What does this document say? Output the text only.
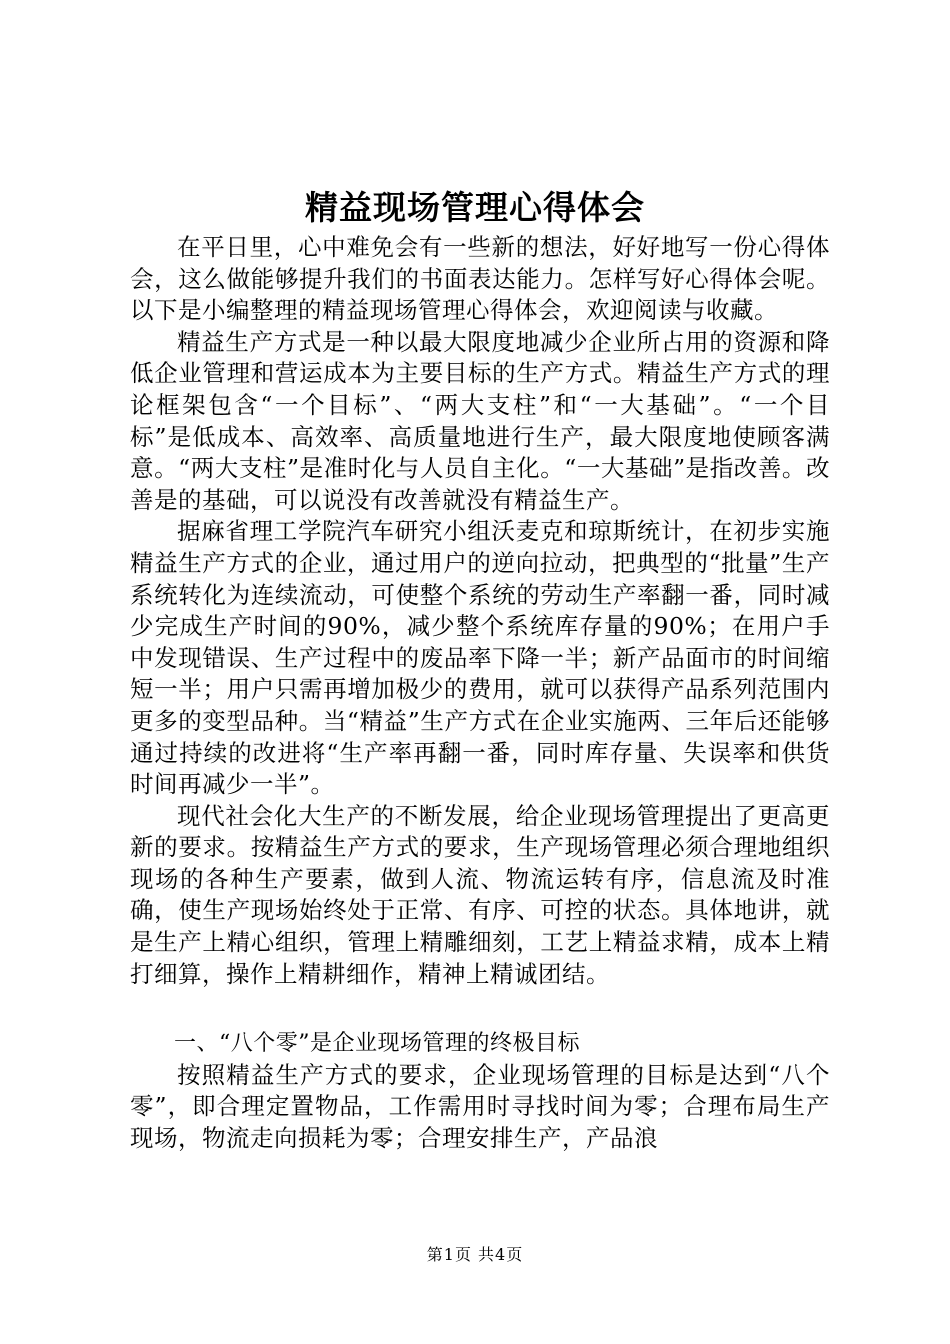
精益现场管理心得体会

在平日里，心中难免会有一些新的想法，好好地写一份心得体会，这么做能够提升我们的书面表达能力。怎样写好心得体会呢。以下是小编整理的精益现场管理心得体会，欢迎阅读与收藏。

精益生产方式是一种以最大限度地减少企业所占用的资源和降低企业管理和营运成本为主要目标的生产方式。精益生产方式的理论框架包含“一个目标”、“两大支柱”和“一大基础”。“一个目标”是低成本、高效率、高质量地进行生产，最大限度地使顾客满意。“两大支柱”是准时化与人员自主化。“一大基础”是指改善。改善是的基础，可以说没有改善就没有精益生产。

据麻省理工学院汽车研究小组沃麦克和琼斯统计，在初步实施精益生产方式的企业，通过用户的逆向拉动，把典型的“批量”生产系统转化为连续流动，可使整个系统的劳动生产率翻一番，同时减少完成生产时间的90%，减少整个系统库存量的90%；在用户手中发现错误、生产过程中的废品率下降一半；新产品面市的时间缩短一半；用户只需再增加极少的费用，就可以获得产品系列范围内更多的变型品种。当“精益”生产方式在企业实施两、三年后还能够通过持续的改进将“生产率再翻一番，同时库存量、失误率和供货时间再减少一半”。

现代社会化大生产的不断发展，给企业现场管理提出了更高更新的要求。按精益生产方式的要求，生产现场管理必须合理地组织现场的各种生产要素，做到人流、物流运转有序，信息流及时准确，使生产现场始终处于正常、有序、可控的状态。具体地讲，就是生产上精心组织，管理上精雕细刻，工艺上精益求精，成本上精打细算，操作上精耕细作，精神上精诚团结。

一、“八个零”是企业现场管理的终极目标

按照精益生产方式的要求，企业现场管理的目标是达到“八个零”，即合理定置物品，工作需用时寻找时间为零；合理布局生产现场，物流走向损耗为零；合理安排生产，产品浪

第1页 共4页
